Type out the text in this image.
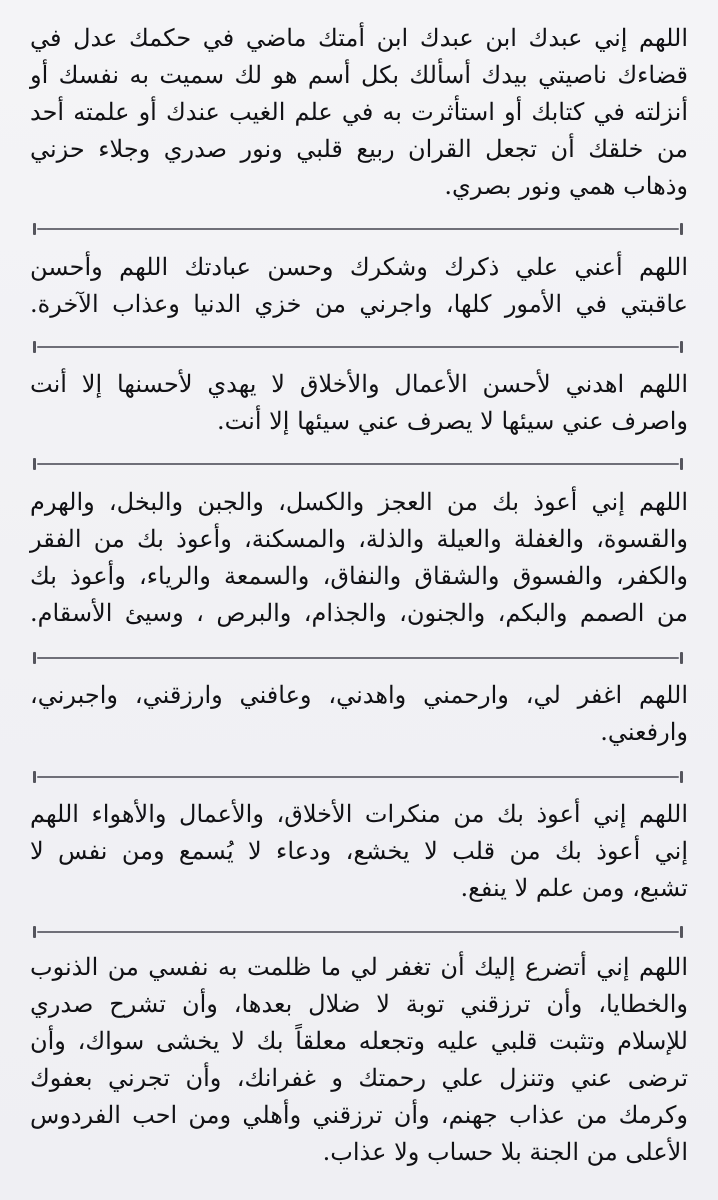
اللهم إني عبدك ابن عبدك ابن أمتك ماضي في حكمك عدل في
قضاءك ناصيتي بيدك أسألك بكل أسم هو لك سميت به نفسك أو
أنزلته في كتابك أو استأثرت به في علم الغيب عندك أو علمته أحد
من خلقك أن تجعل القران ربيع قلبي ونور صدري وجلاء حزني
وذهاب همي ونور بصري.
اللهم أعني علي ذكرك وشكرك وحسن عبادتك اللهم وأحسن
عاقبتي في الأمور كلها، واجرني من خزي الدنيا وعذاب الآخرة.
اللهم اهدني لأحسن الأعمال والأخلاق لا يهدي لأحسنها إلا أنت
واصرف عني سيئها لا يصرف عني سيئها إلا أنت.
اللهم إني أعوذ بك من العجز والكسل، والجبن والبخل، والهرم
والقسوة، والغفلة والعيلة والذلة، والمسكنة، وأعوذ بك من الفقر
والكفر، والفسوق والشقاق والنفاق، والسمعة والرياء، وأعوذ بك
من الصمم والبكم، والجنون، والجذام، والبرص ، وسيئ الأسقام.
اللهم اغفر لي، وارحمني واهدني، وعافني وارزقني، واجبرني،
وارفعني.
اللهم إني أعوذ بك من منكرات الأخلاق، والأعمال والأهواء اللهم
إني أعوذ بك من قلب لا يخشع، ودعاء لا يُسمع ومن نفس لا
تشبع، ومن علم لا ينفع.
اللهم إني أتضرع إليك أن تغفر لي ما ظلمت به نفسي من الذنوب
والخطايا، وأن ترزقني توبة لا ضلال بعدها، وأن تشرح صدري
للإسلام وتثبت قلبي عليه وتجعله معلقاً بك لا يخشى سواك، وأن
ترضى عني وتنزل علي رحمتك و غفرانك، وأن تجرني بعفوك
وكرمك من عذاب جهنم، وأن ترزقني وأهلي ومن احب الفردوس
الأعلى من الجنة بلا حساب ولا عذاب.
